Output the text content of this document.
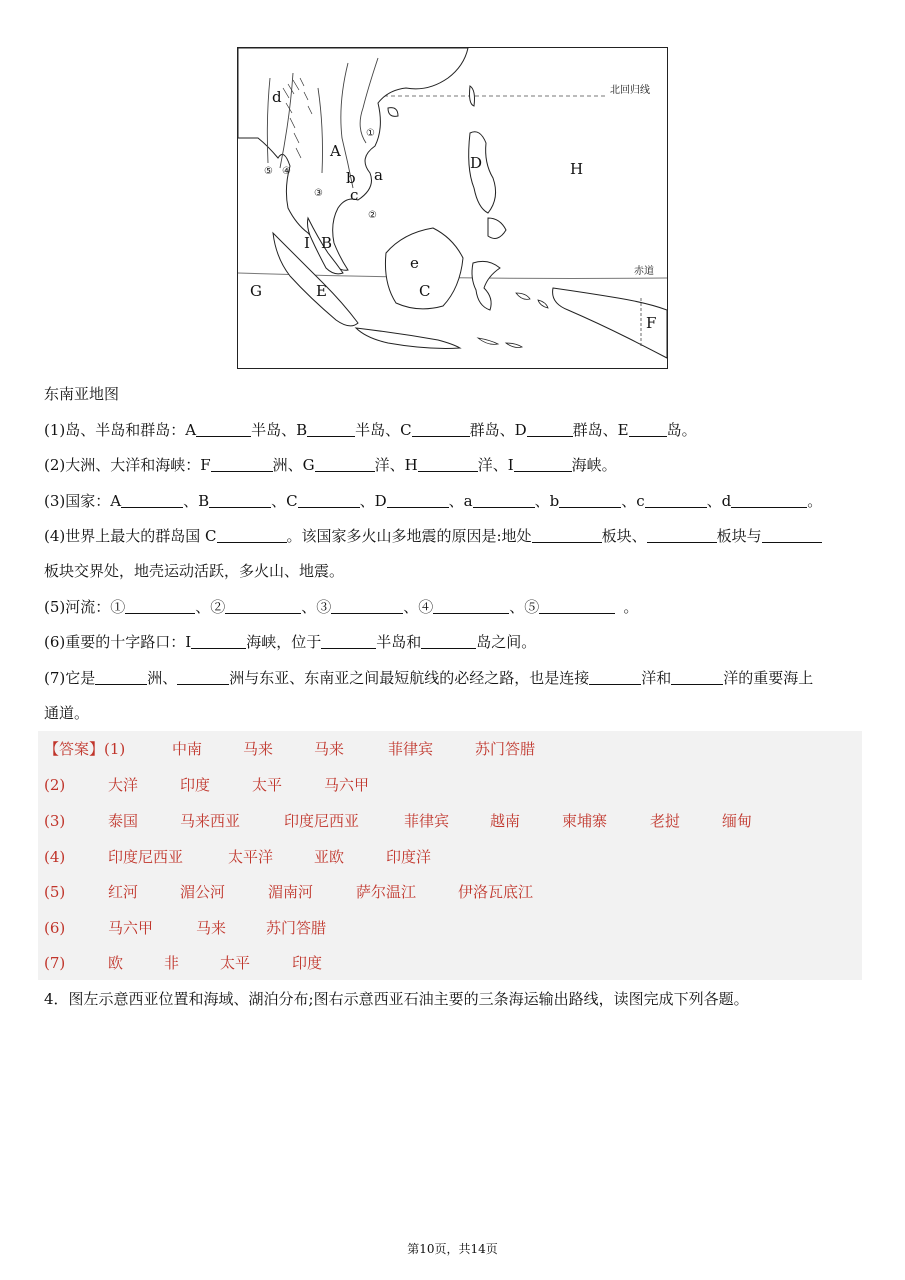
北回归线
赤道
A
B
C
D
E
F
G
H
I
a
b
c
d
e
①
②
③
④
⑤
东南亚地图
(1)岛、半岛和群岛：A	半岛、B	半岛、C	群岛、D	群岛、E	岛。
(2)大洲、大洋和海峡：F	洲、G	洋、H	洋、I	海峡。
(3)国家：A	、B	、C	、D	、a	、b	、c	、d	。
(4)世界上最大的群岛国 C	。该国家多火山多地震的原因是:地处	板块、	板块与
板块交界处，地壳运动活跃，多火山、地震。
(5)河流：①	、②	、③	、④	、⑤	。
(6)重要的十字路口：I	海峡，位于	半岛和	岛之间。
(7)它是	洲、	洲与东亚、东南亚之间最短航线的必经之路，也是连接	洋和	洋的重要海上
通道。
【答案】(1)	中南	马来	马来	菲律宾	苏门答腊
(2)	大洋	印度	太平	马六甲
(3)	泰国	马来西亚	印度尼西亚	菲律宾	越南	柬埔寨	老挝	缅甸
(4)	印度尼西亚	太平洋	亚欧	印度洋
(5)	红河	湄公河	湄南河	萨尔温江	伊洛瓦底江
(6)	马六甲	马来	苏门答腊
(7)	欧	非	太平	印度
4．图左示意西亚位置和海域、湖泊分布;图右示意西亚石油主要的三条海运输出路线，读图完成下列各题。
第10页，共14页
